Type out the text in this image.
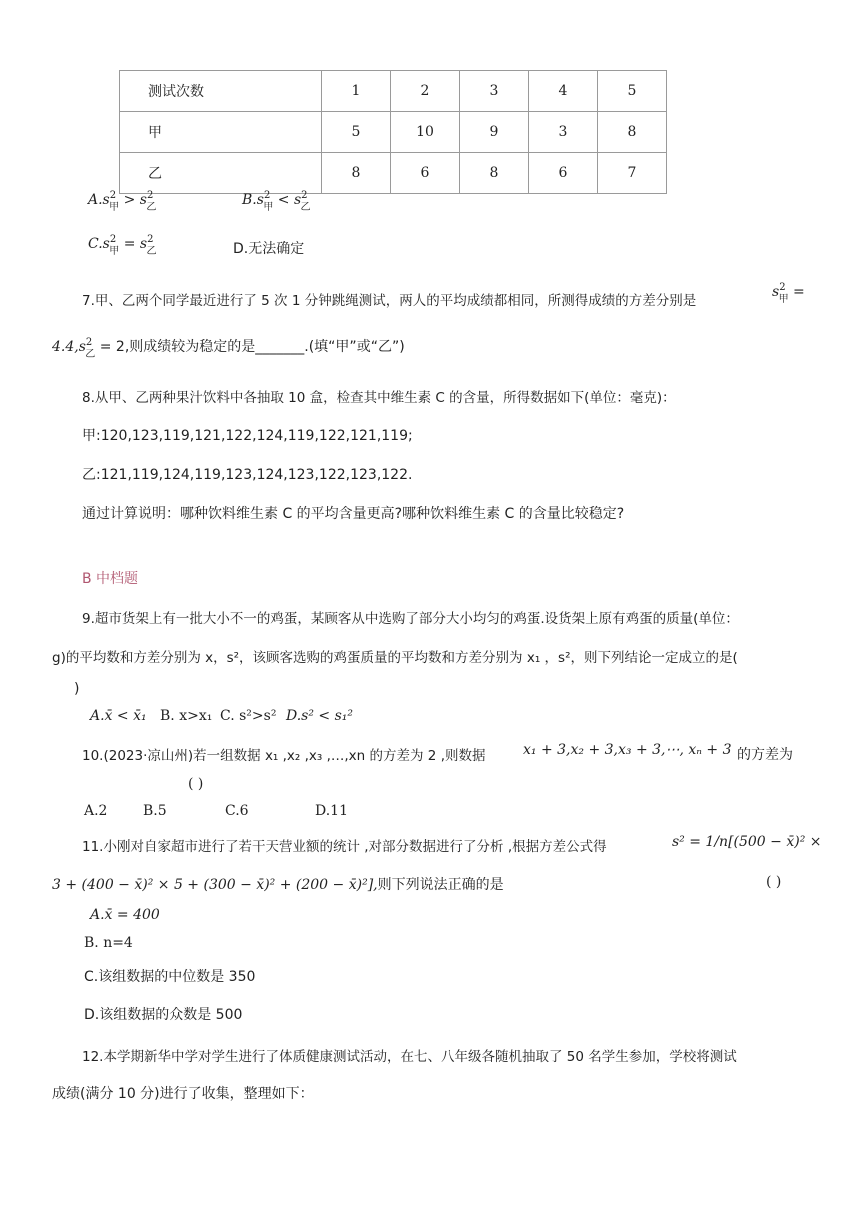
测试次数	1	2	3	4	5
甲	5	10	9	3	8
乙	8	6	8	6	7
$A.s^2_甲 > s^2_乙$	$B.s^2_甲 < s^2_乙$
$C.s^2_甲 = s^2_乙$	D.无法确定
7.甲、乙两个同学最近进行了 5 次 1 分钟跳绳测试，两人的平均成绩都相同，所测得成绩的方差分别是
$s^2_甲$ =
$4.4,s^2_乙 = 2$,则成绩较为稳定的是_______.(填“甲”或“乙”)
8.从甲、乙两种果汁饮料中各抽取 10 盒，检查其中维生素 C 的含量，所得数据如下(单位：毫克)：
甲:120,123,119,121,122,124,119,122,121,119;
乙:121,119,124,119,123,124,123,122,123,122.
通过计算说明：哪种饮料维生素 C 的平均含量更高?哪种饮料维生素 C 的含量比较稳定?
B 中档题
9.超市货架上有一批大小不一的鸡蛋，某顾客从中选购了部分大小均匀的鸡蛋.设货架上原有鸡蛋的质量(单位：
g)的平均数和方差分别为 x，s²，该顾客选购的鸡蛋质量的平均数和方差分别为 x₁ ，s²，则下列结论一定成立的是(
)
A.x̄ < x̄₁ B. x>x₁ C. s²>s² D.s² < s₁²
10.(2023·凉山州)若一组数据 x₁ ,x₂ ,x₃ ,…,xn 的方差为 2 ,则数据	x₁ + 3,x₂ + 3,x₃ + 3,⋯, xₙ + 3 的方差为
( )
A.2	B.5	C.6	D.11
11.小刚对自家超市进行了若干天营业额的统计 ,对部分数据进行了分析 ,根据方差公式得	s² = 1/n[(500 − x̄)² ×
3 + (400 − x̄)² × 5 + (300 − x̄)² + (200 − x̄)²],则下列说法正确的是	( )
A.x̄ = 400
B. n=4
C.该组数据的中位数是 350
D.该组数据的众数是 500
12.本学期新华中学对学生进行了体质健康测试活动，在七、八年级各随机抽取了 50 名学生参加，学校将测试
成绩(满分 10 分)进行了收集，整理如下：
